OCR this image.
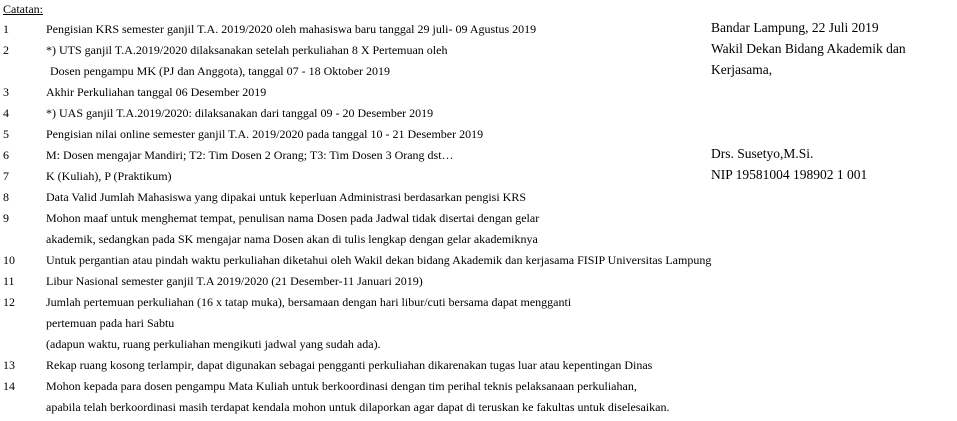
Catatan:
1	Pengisian KRS semester ganjil T.A. 2019/2020 oleh mahasiswa baru tanggal 29 juli- 09 Agustus 2019
2	*) UTS ganjil T.A.2019/2020 dilaksanakan setelah perkuliahan 8 X Pertemuan oleh
Dosen pengampu MK (PJ dan Anggota), tanggal 07 - 18 Oktober 2019
3	Akhir Perkuliahan tanggal 06 Desember 2019
4	*) UAS ganjil T.A.2019/2020: dilaksanakan dari tanggal 09 - 20 Desember 2019
5	Pengisian nilai online semester ganjil T.A. 2019/2020 pada tanggal 10 - 21 Desember 2019
6	M: Dosen mengajar Mandiri; T2: Tim Dosen 2 Orang; T3: Tim Dosen 3 Orang dst…
7	K (Kuliah), P (Praktikum)
8	Data Valid Jumlah Mahasiswa yang dipakai untuk keperluan Administrasi berdasarkan pengisi KRS
9	Mohon maaf untuk menghemat tempat, penulisan nama Dosen pada Jadwal tidak disertai dengan gelar
akademik, sedangkan pada SK mengajar nama Dosen akan di tulis lengkap dengan gelar akademiknya
10	Untuk pergantian atau pindah waktu perkuliahan diketahui oleh Wakil dekan bidang Akademik dan kerjasama FISIP Universitas Lampung
11	Libur Nasional semester ganjil T.A 2019/2020 (21 Desember-11 Januari 2019)
12	Jumlah pertemuan perkuliahan (16 x tatap muka), bersamaan dengan hari libur/cuti bersama dapat mengganti
pertemuan pada hari Sabtu
(adapun waktu, ruang perkuliahan mengikuti jadwal yang sudah ada).
13	Rekap ruang kosong terlampir, dapat digunakan sebagai pengganti perkuliahan dikarenakan tugas luar atau kepentingan Dinas
14	Mohon kepada para dosen pengampu Mata Kuliah untuk berkoordinasi dengan tim perihal teknis pelaksanaan perkuliahan,
apabila telah berkoordinasi masih terdapat kendala mohon untuk dilaporkan agar dapat di teruskan ke fakultas untuk diselesaikan.
Bandar Lampung, 22 Juli 2019
Wakil Dekan Bidang Akademik dan
Kerjasama,
Drs. Susetyo,M.Si.
NIP 19581004 198902 1 001
